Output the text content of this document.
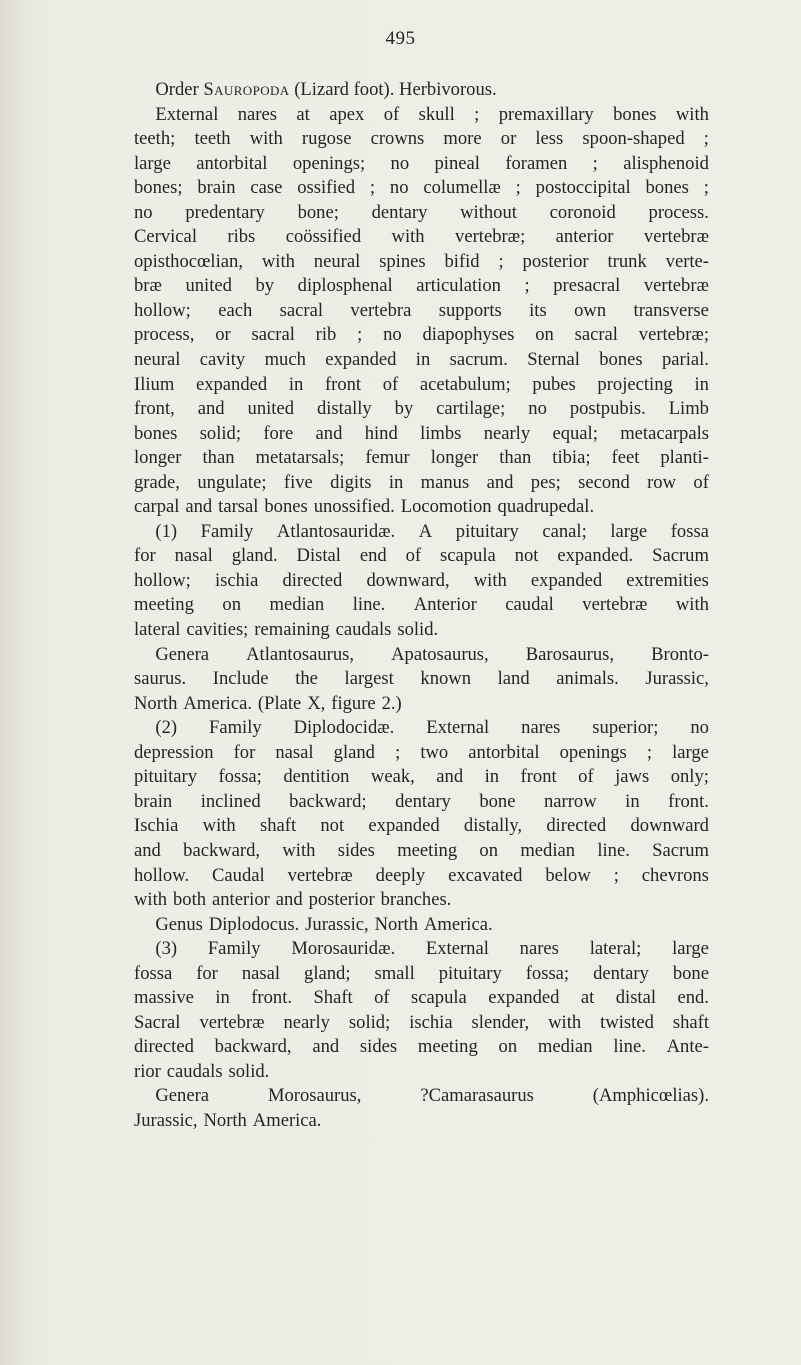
495
Order Sauropoda (Lizard foot). Herbivorous.
External nares at apex of skull ; premaxillary bones with
teeth; teeth with rugose crowns more or less spoon-shaped ;
large antorbital openings; no pineal foramen ; alisphenoid
bones; brain case ossified ; no columellæ ; postoccipital bones ;
no predentary bone; dentary without coronoid process.
Cervical ribs coössified with vertebræ; anterior vertebræ
opisthocœlian, with neural spines bifid ; posterior trunk verte-
bræ united by diplosphenal articulation ; presacral vertebræ
hollow; each sacral vertebra supports its own transverse
process, or sacral rib ; no diapophyses on sacral vertebræ;
neural cavity much expanded in sacrum. Sternal bones parial.
Ilium expanded in front of acetabulum; pubes projecting in
front, and united distally by cartilage; no postpubis. Limb
bones solid; fore and hind limbs nearly equal; metacarpals
longer than metatarsals; femur longer than tibia; feet planti-
grade, ungulate; five digits in manus and pes; second row of
carpal and tarsal bones unossified. Locomotion quadrupedal.
(1) Family Atlantosauridæ. A pituitary canal; large fossa
for nasal gland. Distal end of scapula not expanded. Sacrum
hollow; ischia directed downward, with expanded extremities
meeting on median line. Anterior caudal vertebræ with
lateral cavities; remaining caudals solid.
Genera Atlantosaurus, Apatosaurus, Barosaurus, Bronto-
saurus. Include the largest known land animals. Jurassic,
North America. (Plate X, figure 2.)
(2) Family Diplodocidæ. External nares superior; no
depression for nasal gland ; two antorbital openings ; large
pituitary fossa; dentition weak, and in front of jaws only;
brain inclined backward; dentary bone narrow in front.
Ischia with shaft not expanded distally, directed downward
and backward, with sides meeting on median line. Sacrum
hollow. Caudal vertebræ deeply excavated below ; chevrons
with both anterior and posterior branches.
Genus Diplodocus. Jurassic, North America.
(3) Family Morosauridæ. External nares lateral; large
fossa for nasal gland; small pituitary fossa; dentary bone
massive in front. Shaft of scapula expanded at distal end.
Sacral vertebræ nearly solid; ischia slender, with twisted shaft
directed backward, and sides meeting on median line. Ante-
rior caudals solid.
Genera	Morosaurus,	?Camarasaurus	(Amphicœlias).
Jurassic, North America.
